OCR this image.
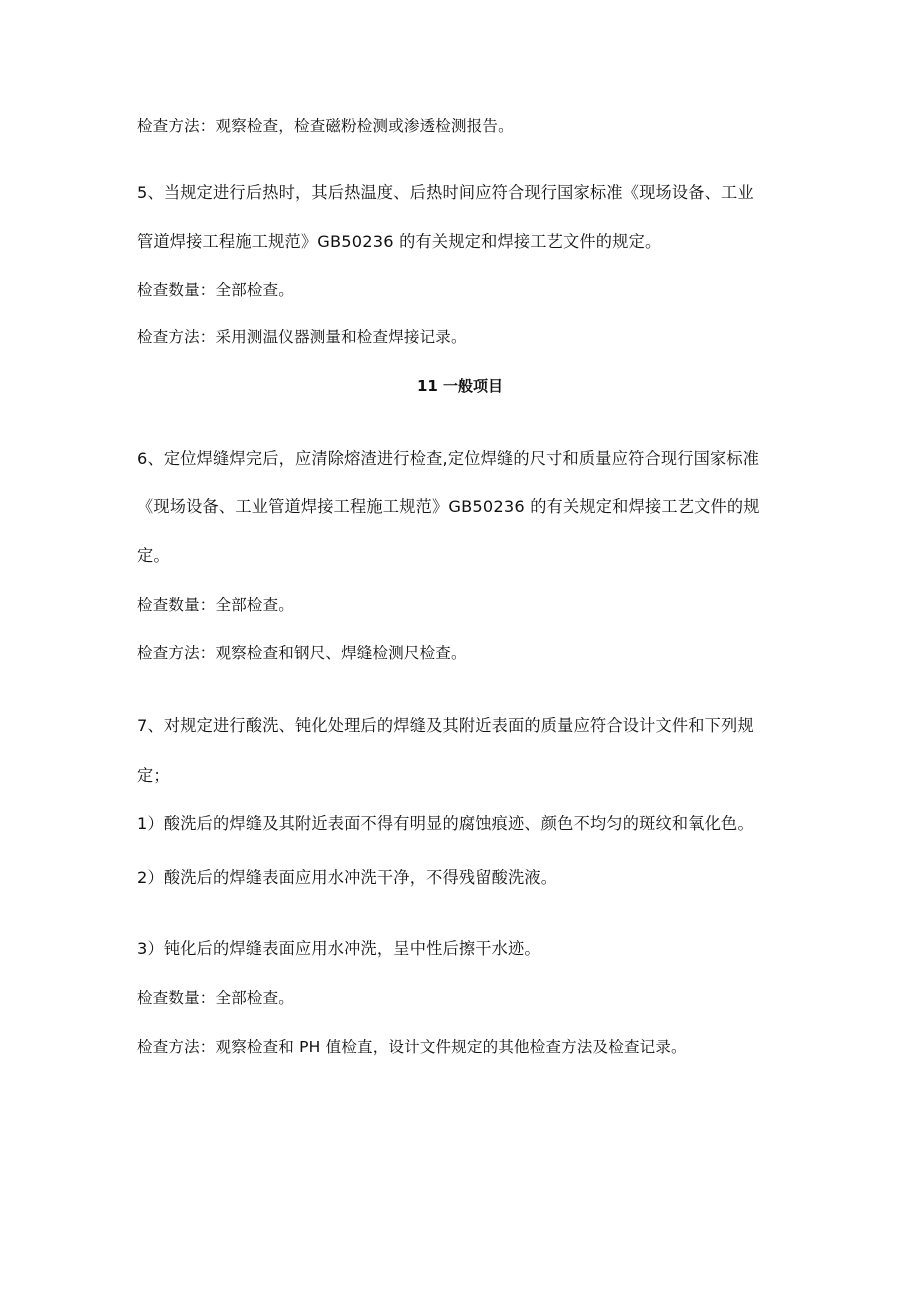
检查方法：观察检查，检查磁粉检测或渗透检测报告。
5、当规定进行后热时，其后热温度、后热时间应符合现行国家标准《现场设备、工业
管道焊接工程施工规范》GB50236 的有关规定和焊接工艺文件的规定。
检查数量：全部检查。
检查方法：采用测温仪器测量和检查焊接记录。
11 一般项目
6、定位焊缝焊完后，应清除熔渣进行检查,定位焊缝的尺寸和质量应符合现行国家标准
《现场设备、工业管道焊接工程施工规范》GB50236 的有关规定和焊接工艺文件的规
定。
检查数量：全部检查。
检查方法：观察检查和钢尺、焊缝检测尺检查。
7、对规定进行酸洗、钝化处理后的焊缝及其附近表面的质量应符合设计文件和下列规
定；
1）酸洗后的焊缝及其附近表面不得有明显的腐蚀痕迹、颜色不均匀的斑纹和氧化色。
2）酸洗后的焊缝表面应用水冲洗干净，不得残留酸洗液。
3）钝化后的焊缝表面应用水冲洗，呈中性后擦干水迹。
检查数量：全部检查。
检查方法：观察检查和 PH 值检直，设计文件规定的其他检查方法及检查记录。
